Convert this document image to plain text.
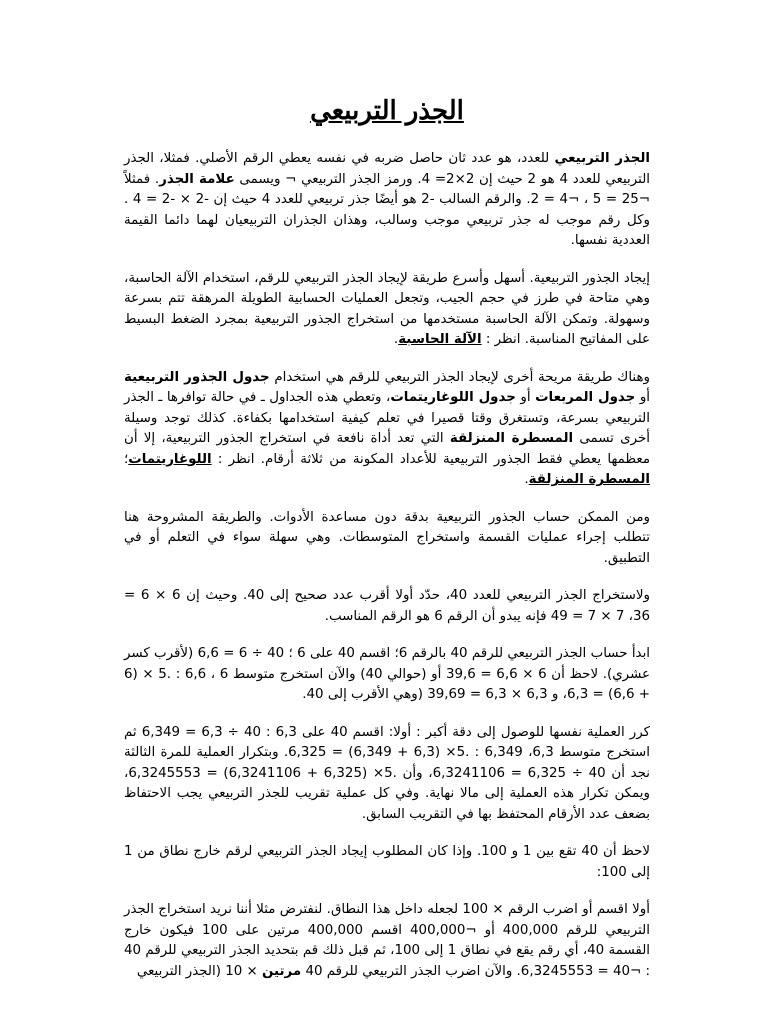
الجذر التربيعي

الجذر التربيعي للعدد، هو عدد ثان حاصل ضربه في نفسه يعطي الرقم الأصلي. فمثلا، الجذر التربيعي للعدد 4 هو 2 حيث إن 2×2= 4. ورمز الجذر التربيعي ¬ ويسمى علامة الجذر. فمثلاً ¬25 = 5 ، ¬4 = 2. والرقم السالب -2 هو أيضًا جذر تربيعي للعدد 4 حيث إن -2 × -2 = 4 . وكل رقم موجب له جذر تربيعي موجب وسالب، وهذان الجذران التربيعيان لهما دائما القيمة العددية نفسها.

إيجاد الجذور التربيعية. أسهل وأسرع طريقة لإيجاد الجذر التربيعي للرقم، استخدام الآلة الحاسبة، وهي متاحة في طرز في حجم الجيب، وتجعل العمليات الحسابية الطويلة المرهقة تتم بسرعة وسهولة. وتمكن الآلة الحاسبة مستخدمها من استخراج الجذور التربيعية بمجرد الضغط البسيط على المفاتيح المناسبة. انظر : الآلة الحاسبة.

وهناك طريقة مريحة أخرى لإيجاد الجذر التربيعي للرقم هي استخدام جدول الجذور التربيعية أو جدول المربعات أو جدول اللوغاريتمات، وتعطي هذه الجداول ـ في حالة توافرها ـ الجذر التربيعي بسرعة، وتستغرق وقتا قصيرا في تعلم كيفية استخدامها بكفاءة. كذلك توجد وسيلة أخرى تسمى المسطرة المنزلقة التي تعد أداة نافعة في استخراج الجذور التربيعية، إلا أن معظمها يعطي فقط الجذور التربيعية للأعداد المكونة من ثلاثة أرقام. انظر : اللوغاريتمات؛ المسطرة المنزلقة.

ومن الممكن حساب الجذور التربيعية بدقة دون مساعدة الأدوات. والطريقة المشروحة هنا تتطلب إجراء عمليات القسمة واستخراج المتوسطات. وهي سهلة سواء في التعلم أو في التطبيق.

ولاستخراج الجذر التربيعي للعدد 40، حدّد أولا أقرب عدد صحيح إلى 40. وحيث إن 6 × 6 = 36، 7 × 7 = 49 فإنه يبدو أن الرقم 6 هو الرقم المناسب.

ابدأ حساب الجذر التربيعي للرقم 40 بالرقم 6؛ اقسم 40 على 6 ؛ 40 ÷ 6 = 6,6 (لأقرب كسر عشري). لاحظ أن 6 × 6,6 = 39,6 أو (حوالي 40) والآن استخرج متوسط 6 ، 6,6 : .5 × (6 + 6,6) = 6,3، و 6,3 × 6,3 = 39,69 (وهي الأقرب إلى 40.

كرر العملية نفسها للوصول إلى دقة أكبر : أولا: اقسم 40 على 6,3 : 40 ÷ 6,3 = 6,349 ثم استخرج متوسط 6,3، 6,349 : .5× (6,3 + 6,349) = 6,325. وبتكرار العملية للمرة الثالثة نجد أن 40 ÷ 6,325 = 6,3241106، وأن .5× (6,325 + 6,3241106) = 6,3245553، ويمكن تكرار هذه العملية إلى مالا نهاية. وفي كل عملية تقريب للجذر التربيعي يجب الاحتفاظ بضعف عدد الأرقام المحتفظ بها في التقريب السابق.

لاحظ أن 40 تقع بين 1 و 100. وإذا كان المطلوب إيجاد الجذر التربيعي لرقم خارج نطاق من 1 إلى 100:

أولا اقسم أو اضرب الرقم × 100 لجعله داخل هذا النطاق. لنفترض مثلا أننا نريد استخراج الجذر التربيعي للرقم 400,000 أو ¬400,000 اقسم 400,000 مرتين على 100 فيكون خارج القسمة 40، أي رقم يقع في نطاق 1 إلى 100، ثم قبل ذلك قم بتحديد الجذر التربيعي للرقم 40 : ¬40 = 6,3245553. والآن اضرب الجذر التربيعي للرقم 40 مرتين × 10 (الجذر التربيعي
